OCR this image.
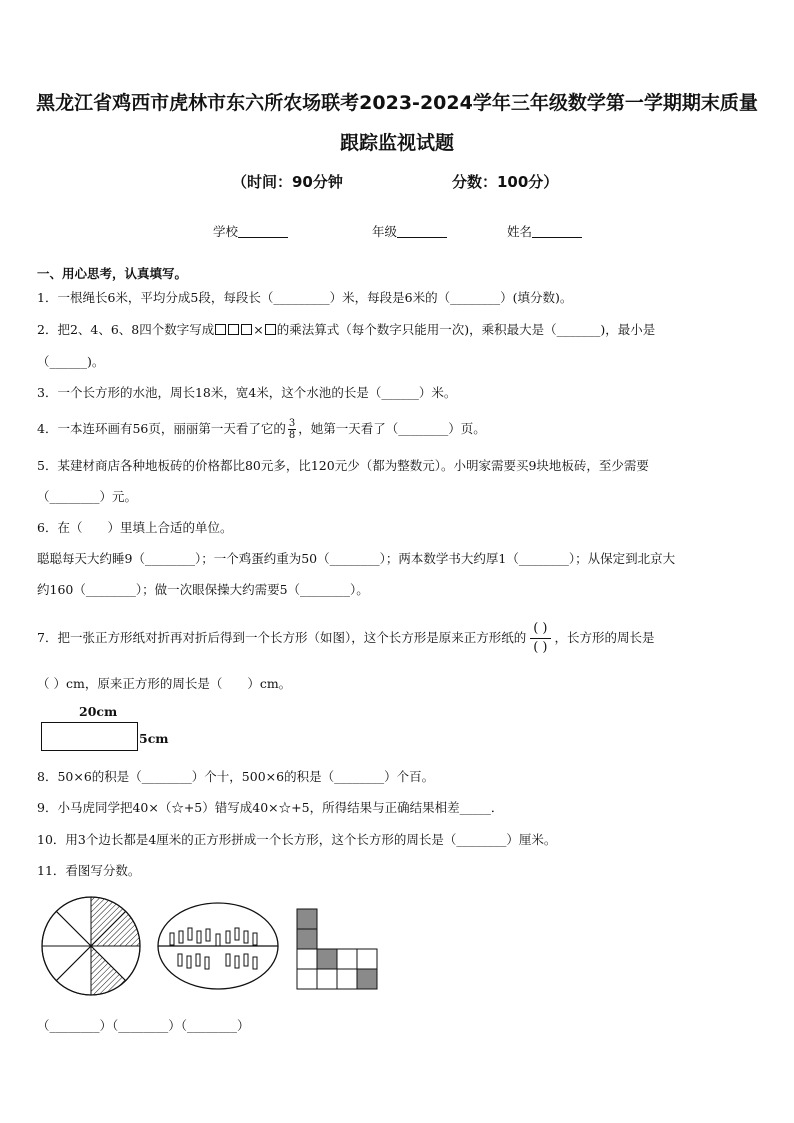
黑龙江省鸡西市虎林市东六所农场联考2023-2024学年三年级数学第一学期期末质量
跟踪监视试题
（时间：90分钟	分数：100分）
学校	年级	姓名
一、用心思考，认真填写。
1．一根绳长6米，平均分成5段，每段长（_________）米，每段是6米的（________）(填分数)。
2．把2、4、6、8四个数字写成	× 的乘法算式（每个数字只能用一次)，乘积最大是（_______)，最小是
（______)。
3．一个长方形的水池，周长18米，宽4米，这个水池的长是（______）米。
4．一本连环画有56页，丽丽第一天看了它的 $\frac{3}{8}$ ，她第一天看了（________）页。
5．某建材商店各种地板砖的价格都比80元多，比120元少（都为整数元）。小明家需要买9块地板砖，至少需要
（________）元。
6．在（　　）里填上合适的单位。
聪聪每天大约睡9（________）；一个鸡蛋约重为50（________）；两本数学书大约厚1（________）；从保定到北京大
约160（________）；做一次眼保操大约需要5（________）。
7．把一张正方形纸对折再对折后得到一个长方形（如图），这个长方形是原来正方形纸的 $\frac{( )}{( )}$ ，长方形的周长是
（ ）cm，原来正方形的周长是（　　）cm。
20cm
5cm
8．50×6的积是（________）个十，500×6的积是（________）个百。
9．小马虎同学把40×（☆+5）错写成40×☆+5，所得结果与正确结果相差_____．
10．用3个边长都是4厘米的正方形拼成一个长方形，这个长方形的周长是（________）厘米。
11．看图写分数。
（________）（________）（________）
